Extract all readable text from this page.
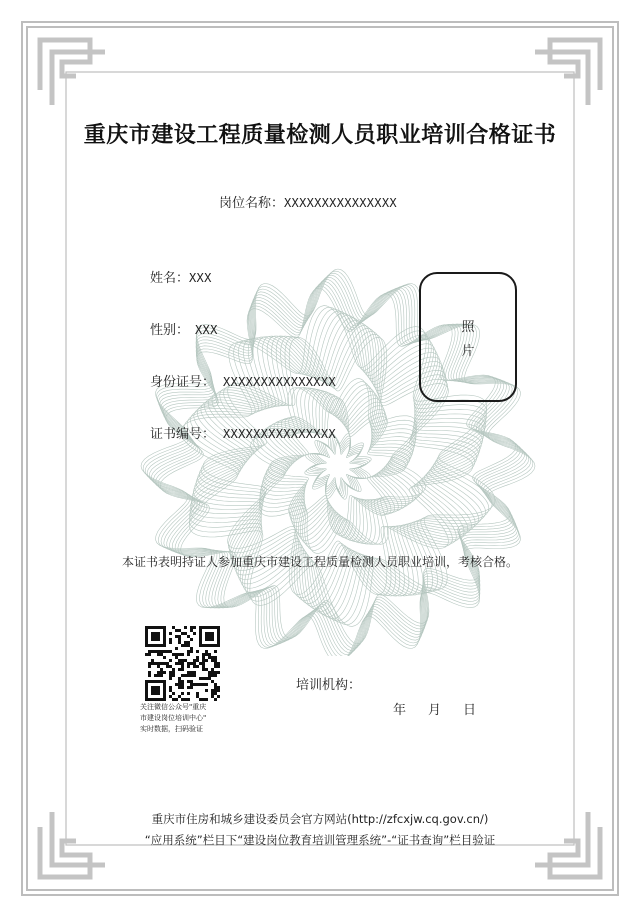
重庆市建设工程质量检测人员职业培训合格证书
岗位名称：XXXXXXXXXXXXXXX
姓名：XXX
性别： XXX
身份证号： XXXXXXXXXXXXXXX
证书编号： XXXXXXXXXXXXXXX
照
片
本证书表明持证人参加重庆市建设工程质量检测人员职业培训，考核合格。
关注微信公众号"重庆
市建设岗位培训中心"
实时数据，扫码验证
培训机构：
年 月 日
重庆市住房和城乡建设委员会官方网站(http://zfcxjw.cq.gov.cn/)
“应用系统”栏目下“建设岗位教育培训管理系统”-“证书查询”栏目验证
